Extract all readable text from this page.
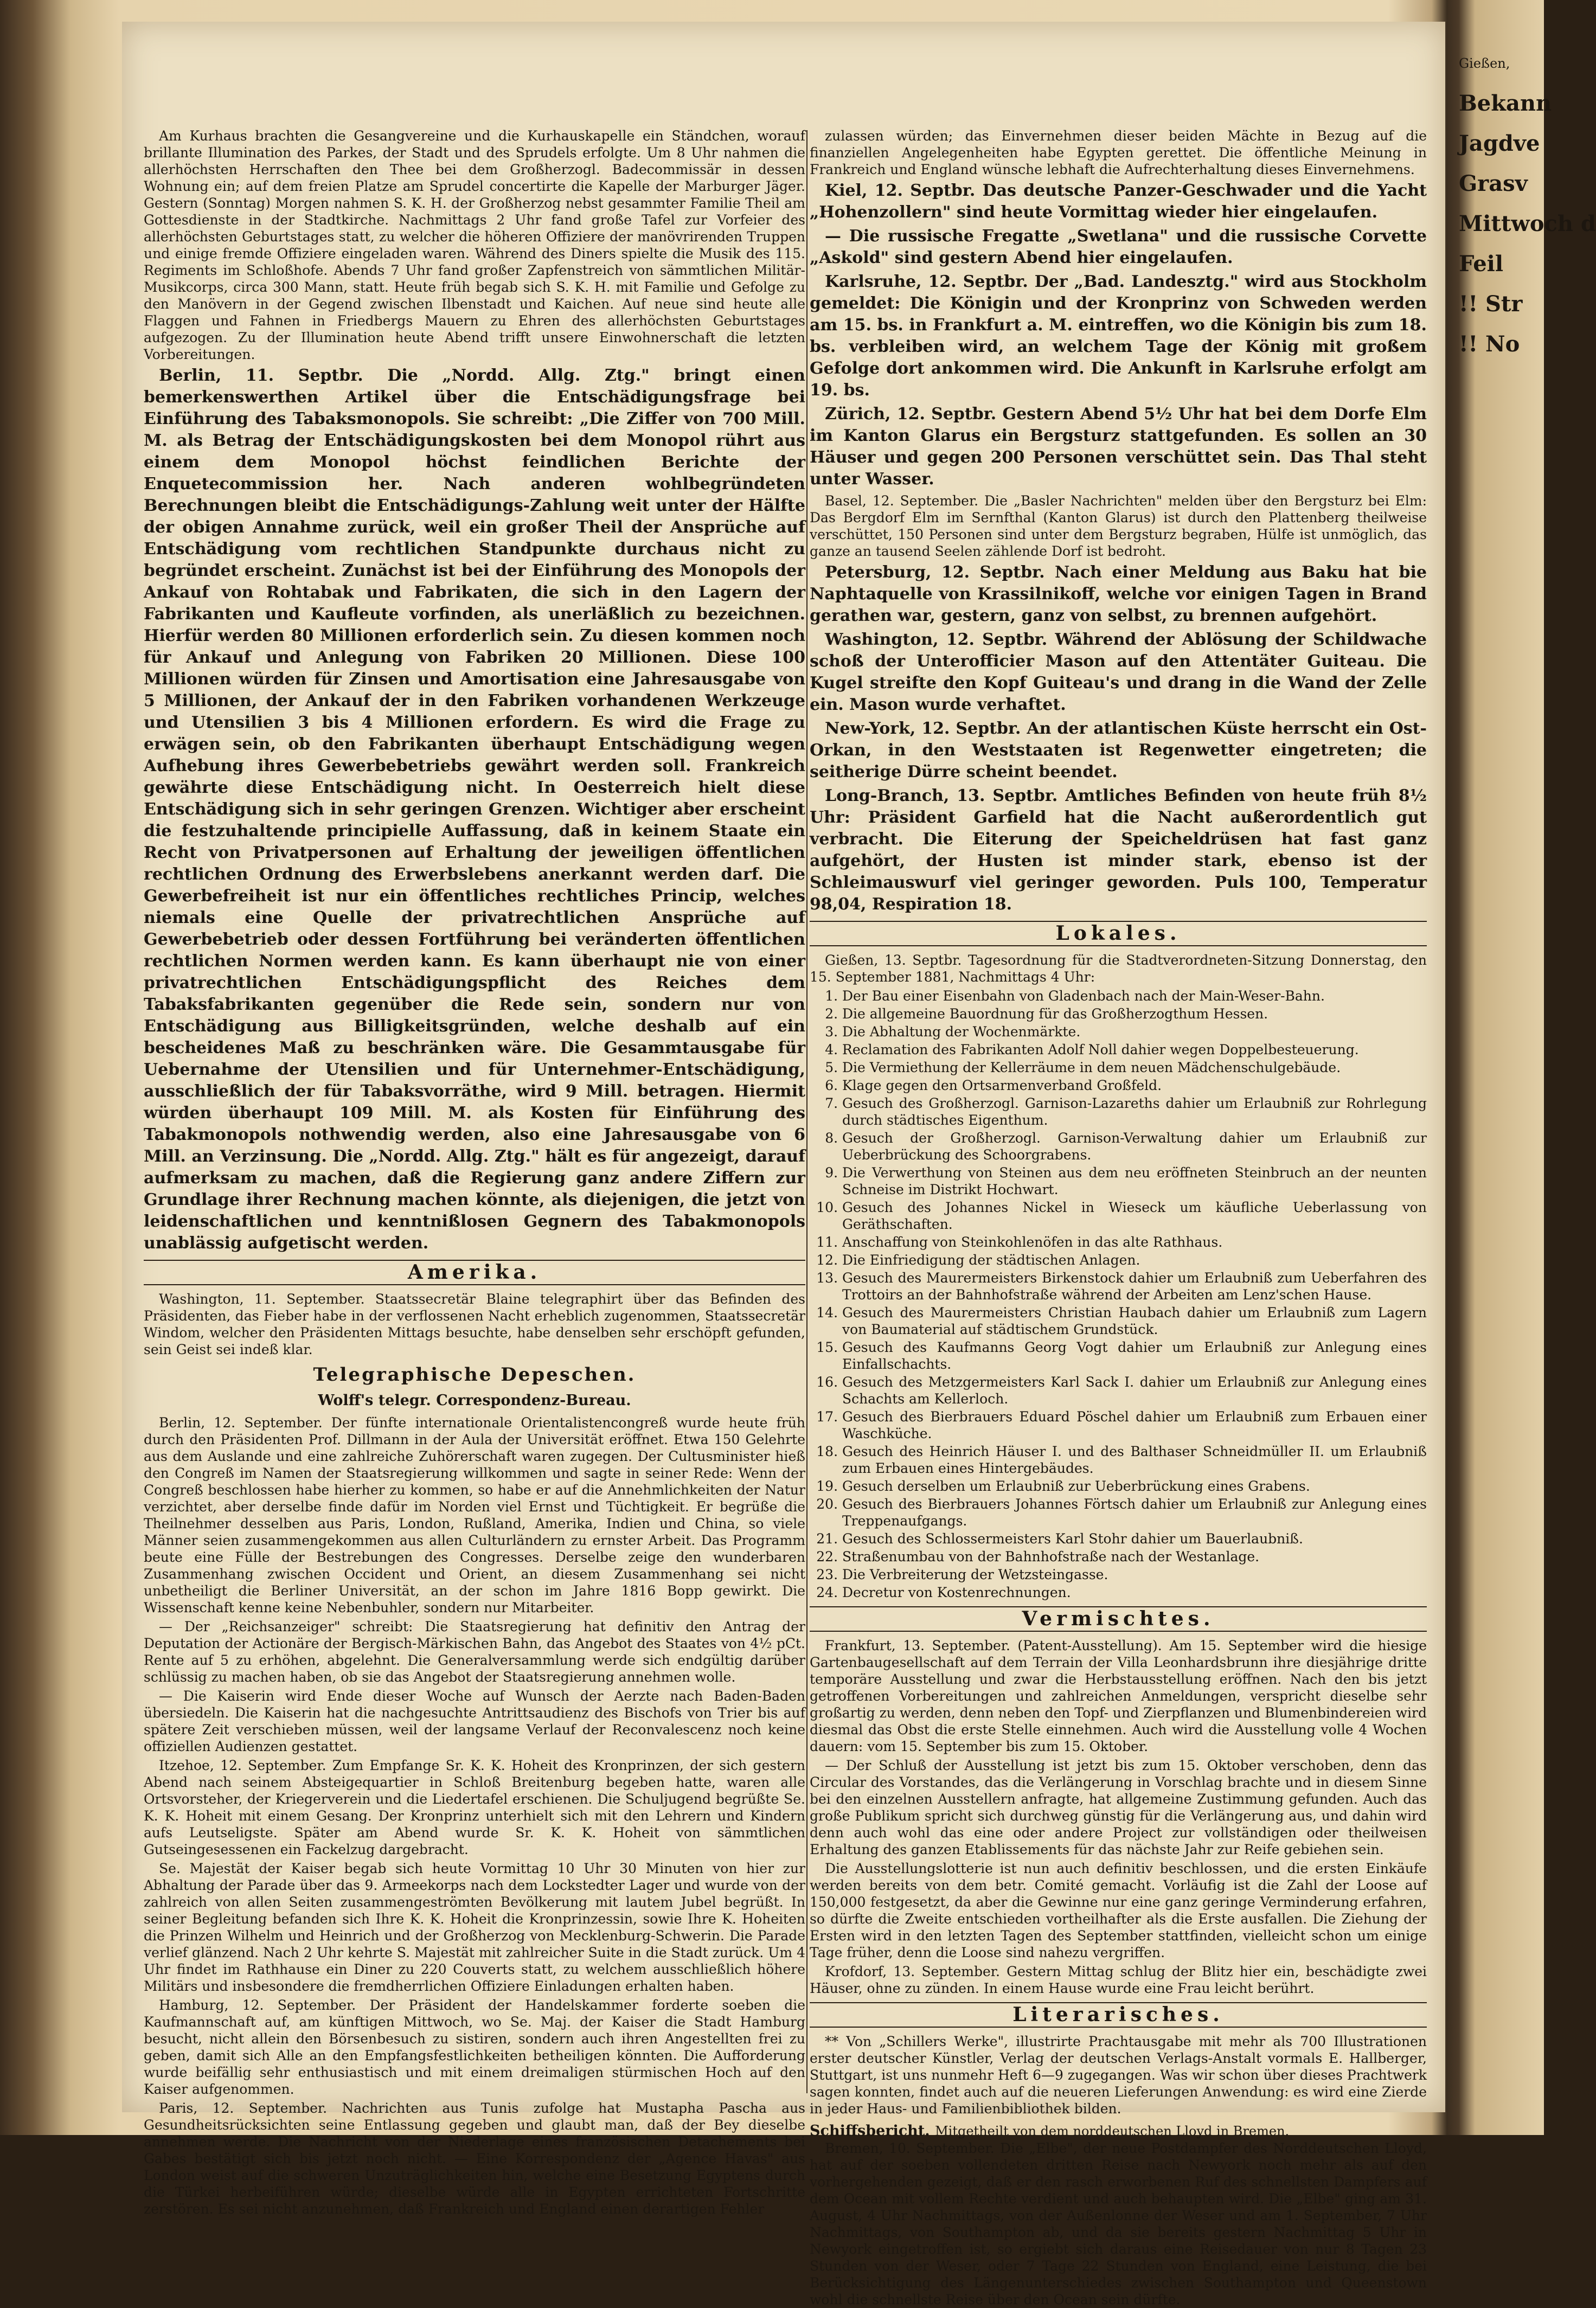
Am Kurhaus brachten die Gesangvereine und die Kurhauskapelle ein Ständchen, worauf brillante Illumination des Parkes, der Stadt und des Sprudels erfolgte. Um 8 Uhr nahmen die allerhöchsten Herrschaften den Thee bei dem Großherzogl. Badecommissär in dessen Wohnung ein; auf dem freien Platze am Sprudel concertirte die Kapelle der Marburger Jäger. Gestern (Sonntag) Morgen nahmen S. K. H. der Großherzog nebst gesammter Familie Theil am Gottesdienste in der Stadtkirche. Nachmittags 2 Uhr fand große Tafel zur Vorfeier des allerhöchsten Geburtstages statt, zu welcher die höheren Offiziere der manövrirenden Truppen und einige fremde Offiziere eingeladen waren. Während des Diners spielte die Musik des 115. Regiments im Schloßhofe. Abends 7 Uhr fand großer Zapfenstreich von sämmtlichen Militär-Musikcorps, circa 300 Mann, statt. Heute früh begab sich S. K. H. mit Familie und Gefolge zu den Manövern in der Gegend zwischen Ilbenstadt und Kaichen. Auf neue sind heute alle Flaggen und Fahnen in Friedbergs Mauern zu Ehren des allerhöchsten Geburtstages aufgezogen. Zu der Illumination heute Abend trifft unsere Einwohnerschaft die letzten Vorbereitungen.

Berlin, 11. Septbr. Die „Nordd. Allg. Ztg." bringt einen bemerkenswerthen Artikel über die Entschädigungsfrage bei Einführung des Tabaksmonopols. Sie schreibt: „Die Ziffer von 700 Mill. M. als Betrag der Entschädigungskosten bei dem Monopol rührt aus einem dem Monopol höchst feindlichen Berichte der Enquetecommission her. Nach anderen wohlbegründeten Berechnungen bleibt die Entschädigungs-Zahlung weit unter der Hälfte der obigen Annahme zurück, weil ein großer Theil der Ansprüche auf Entschädigung vom rechtlichen Standpunkte durchaus nicht zu begründet erscheint. Zunächst ist bei der Einführung des Monopols der Ankauf von Rohtabak und Fabrikaten, die sich in den Lagern der Fabrikanten und Kaufleute vorfinden, als unerläßlich zu bezeichnen. Hierfür werden 80 Millionen erforderlich sein. Zu diesen kommen noch für Ankauf und Anlegung von Fabriken 20 Millionen. Diese 100 Millionen würden für Zinsen und Amortisation eine Jahresausgabe von 5 Millionen, der Ankauf der in den Fabriken vorhandenen Werkzeuge und Utensilien 3 bis 4 Millionen erfordern. Es wird die Frage zu erwägen sein, ob den Fabrikanten überhaupt Entschädigung wegen Aufhebung ihres Gewerbebetriebs gewährt werden soll. Frankreich gewährte diese Entschädigung nicht. In Oesterreich hielt diese Entschädigung sich in sehr geringen Grenzen. Wichtiger aber erscheint die festzuhaltende principielle Auffassung, daß in keinem Staate ein Recht von Privatpersonen auf Erhaltung der jeweiligen öffentlichen rechtlichen Ordnung des Erwerbslebens anerkannt werden darf. Die Gewerbefreiheit ist nur ein öffentliches rechtliches Princip, welches niemals eine Quelle der privatrechtlichen Ansprüche auf Gewerbebetrieb oder dessen Fortführung bei veränderten öffentlichen rechtlichen Normen werden kann. Es kann überhaupt nie von einer privatrechtlichen Entschädigungspflicht des Reiches dem Tabaksfabrikanten gegenüber die Rede sein, sondern nur von Entschädigung aus Billigkeitsgründen, welche deshalb auf ein bescheidenes Maß zu beschränken wäre. Die Gesammtausgabe für Uebernahme der Utensilien und für Unternehmer-Entschädigung, ausschließlich der für Tabaksvorräthe, wird 9 Mill. betragen. Hiermit würden überhaupt 109 Mill. M. als Kosten für Einführung des Tabakmonopols nothwendig werden, also eine Jahresausgabe von 6 Mill. an Verzinsung. Die „Nordd. Allg. Ztg." hält es für angezeigt, darauf aufmerksam zu machen, daß die Regierung ganz andere Ziffern zur Grundlage ihrer Rechnung machen könnte, als diejenigen, die jetzt von leidenschaftlichen und kenntnißlosen Gegnern des Tabakmonopols unablässig aufgetischt werden.

Amerika.

Washington, 11. September. Staatssecretär Blaine telegraphirt über das Befinden des Präsidenten, das Fieber habe in der verflossenen Nacht erheblich zugenommen, Staatssecretär Windom, welcher den Präsidenten Mittags besuchte, habe denselben sehr erschöpft gefunden, sein Geist sei indeß klar.

Telegraphische Depeschen.
Wolff's telegr. Correspondenz-Bureau.

Berlin, 12. September. Der fünfte internationale Orientalistencongreß wurde heute früh durch den Präsidenten Prof. Dillmann in der Aula der Universität eröffnet. Etwa 150 Gelehrte aus dem Auslande und eine zahlreiche Zuhörerschaft waren zugegen. Der Cultusminister hieß den Congreß im Namen der Staatsregierung willkommen und sagte in seiner Rede: Wenn der Congreß beschlossen habe hierher zu kommen, so habe er auf die Annehmlichkeiten der Natur verzichtet, aber derselbe finde dafür im Norden viel Ernst und Tüchtigkeit. Er begrüße die Theilnehmer desselben aus Paris, London, Rußland, Amerika, Indien und China, so viele Männer seien zusammengekommen aus allen Culturländern zu ernster Arbeit. Das Programm beute eine Fülle der Bestrebungen des Congresses. Derselbe zeige den wunderbaren Zusammenhang zwischen Occident und Orient, an diesem Zusammenhang sei nicht unbetheiligt die Berliner Universität, an der schon im Jahre 1816 Bopp gewirkt. Die Wissenschaft kenne keine Nebenbuhler, sondern nur Mitarbeiter.

— Der „Reichsanzeiger" schreibt: Die Staatsregierung hat definitiv den Antrag der Deputation der Actionäre der Bergisch-Märkischen Bahn, das Angebot des Staates von 4½ pCt. Rente auf 5 zu erhöhen, abgelehnt. Die Generalversammlung werde sich endgültig darüber schlüssig zu machen haben, ob sie das Angebot der Staatsregierung annehmen wolle.

— Die Kaiserin wird Ende dieser Woche auf Wunsch der Aerzte nach Baden-Baden übersiedeln. Die Kaiserin hat die nachgesuchte Antrittsaudienz des Bischofs von Trier bis auf spätere Zeit verschieben müssen, weil der langsame Verlauf der Reconvalescenz noch keine offiziellen Audienzen gestattet.

Itzehoe, 12. September. Zum Empfange Sr. K. K. Hoheit des Kronprinzen, der sich gestern Abend nach seinem Absteigequartier in Schloß Breitenburg begeben hatte, waren alle Ortsvorsteher, der Kriegerverein und die Liedertafel erschienen. Die Schuljugend begrüßte Se. K. K. Hoheit mit einem Gesang. Der Kronprinz unterhielt sich mit den Lehrern und Kindern aufs Leutseligste. Später am Abend wurde Sr. K. K. Hoheit von sämmtlichen Gutseingesessenen ein Fackelzug dargebracht.

Se. Majestät der Kaiser begab sich heute Vormittag 10 Uhr 30 Minuten von hier zur Abhaltung der Parade über das 9. Armeekorps nach dem Lockstedter Lager und wurde von der zahlreich von allen Seiten zusammengeströmten Bevölkerung mit lautem Jubel begrüßt. In seiner Begleitung befanden sich Ihre K. K. Hoheit die Kronprinzessin, sowie Ihre K. Hoheiten die Prinzen Wilhelm und Heinrich und der Großherzog von Mecklenburg-Schwerin. Die Parade verlief glänzend. Nach 2 Uhr kehrte S. Majestät mit zahlreicher Suite in die Stadt zurück. Um 4 Uhr findet im Rathhause ein Diner zu 220 Couverts statt, zu welchem ausschließlich höhere Militärs und insbesondere die fremdherrlichen Offiziere Einladungen erhalten haben.

Hamburg, 12. September. Der Präsident der Handelskammer forderte soeben die Kaufmannschaft auf, am künftigen Mittwoch, wo Se. Maj. der Kaiser die Stadt Hamburg besucht, nicht allein den Börsenbesuch zu sistiren, sondern auch ihren Angestellten frei zu geben, damit sich Alle an den Empfangsfestlichkeiten betheiligen könnten. Die Aufforderung wurde beifällig sehr enthusiastisch und mit einem dreimaligen stürmischen Hoch auf den Kaiser aufgenommen.

Paris, 12. September. Nachrichten aus Tunis zufolge hat Mustapha Pascha aus Gesundheitsrücksichten seine Entlassung gegeben und glaubt man, daß der Bey dieselbe annehmen werde. Die Nachricht von der Niederlage eines französischen Detachements bei Gabes bestätigt sich bis jetzt noch nicht. — Eine Korrespondenz der „Agence Havas" aus London weist auf die schweren Unzuträglichkeiten hin, welche eine Besetzung Egyptens durch die Türkei herbeiführen würde; dieselbe würde alle in Egypten errichteten Fortschritte zerstören. Es sei nicht anzunehmen, daß Frankreich und England einen derartigen Fehler

zulassen würden; das Einvernehmen dieser beiden Mächte in Bezug auf die finanziellen Angelegenheiten habe Egypten gerettet. Die öffentliche Meinung in Frankreich und England wünsche lebhaft die Aufrechterhaltung dieses Einvernehmens.

Kiel, 12. Septbr. Das deutsche Panzer-Geschwader und die Yacht „Hohenzollern" sind heute Vormittag wieder hier eingelaufen.

— Die russische Fregatte „Swetlana" und die russische Corvette „Askold" sind gestern Abend hier eingelaufen.

Karlsruhe, 12. Septbr. Der „Bad. Landesztg." wird aus Stockholm gemeldet: Die Königin und der Kronprinz von Schweden werden am 15. bs. in Frankfurt a. M. eintreffen, wo die Königin bis zum 18. bs. verbleiben wird, an welchem Tage der König mit großem Gefolge dort ankommen wird. Die Ankunft in Karlsruhe erfolgt am 19. bs.

Zürich, 12. Septbr. Gestern Abend 5½ Uhr hat bei dem Dorfe Elm im Kanton Glarus ein Bergsturz stattgefunden. Es sollen an 30 Häuser und gegen 200 Personen verschüttet sein. Das Thal steht unter Wasser.

Basel, 12. September. Die „Basler Nachrichten" melden über den Bergsturz bei Elm: Das Bergdorf Elm im Sernfthal (Kanton Glarus) ist durch den Plattenberg theilweise verschüttet, 150 Personen sind unter dem Bergsturz begraben, Hülfe ist unmöglich, das ganze an tausend Seelen zählende Dorf ist bedroht.

Petersburg, 12. Septbr. Nach einer Meldung aus Baku hat bie Naphtaquelle von Krassilnikoff, welche vor einigen Tagen in Brand gerathen war, gestern, ganz von selbst, zu brennen aufgehört.

Washington, 12. Septbr. Während der Ablösung der Schildwache schoß der Unterofficier Mason auf den Attentäter Guiteau. Die Kugel streifte den Kopf Guiteau's und drang in die Wand der Zelle ein. Mason wurde verhaftet.

New-York, 12. Septbr. An der atlantischen Küste herrscht ein Ost-Orkan, in den Weststaaten ist Regenwetter eingetreten; die seitherige Dürre scheint beendet.

Long-Branch, 13. Septbr. Amtliches Befinden von heute früh 8½ Uhr: Präsident Garfield hat die Nacht außerordentlich gut verbracht. Die Eiterung der Speicheldrüsen hat fast ganz aufgehört, der Husten ist minder stark, ebenso ist der Schleimauswurf viel geringer geworden. Puls 100, Temperatur 98,04, Respiration 18.

Lokales.

Gießen, 13. Septbr. Tagesordnung für die Stadtverordneten-Sitzung Donnerstag, den 15. September 1881, Nachmittags 4 Uhr:

1. Der Bau einer Eisenbahn von Gladenbach nach der Main-Weser-Bahn.
2. Die allgemeine Bauordnung für das Großherzogthum Hessen.
3. Die Abhaltung der Wochenmärkte.
4. Reclamation des Fabrikanten Adolf Noll dahier wegen Doppelbesteuerung.
5. Die Vermiethung der Kellerräume in dem neuen Mädchenschulgebäude.
6. Klage gegen den Ortsarmenverband Großfeld.
7. Gesuch des Großherzogl. Garnison-Lazareths dahier um Erlaubniß zur Rohrlegung durch städtisches Eigenthum.
8. Gesuch der Großherzogl. Garnison-Verwaltung dahier um Erlaubniß zur Ueberbrückung des Schoorgrabens.
9. Die Verwerthung von Steinen aus dem neu eröffneten Steinbruch an der neunten Schneise im Distrikt Hochwart.
10. Gesuch des Johannes Nickel in Wieseck um käufliche Ueberlassung von Geräthschaften.
11. Anschaffung von Steinkohlenöfen in das alte Rathhaus.
12. Die Einfriedigung der städtischen Anlagen.
13. Gesuch des Maurermeisters Birkenstock dahier um Erlaubniß zum Ueberfahren des Trottoirs an der Bahnhofstraße während der Arbeiten am Lenz'schen Hause.
14. Gesuch des Maurermeisters Christian Haubach dahier um Erlaubniß zum Lagern von Baumaterial auf städtischem Grundstück.
15. Gesuch des Kaufmanns Georg Vogt dahier um Erlaubniß zur Anlegung eines Einfallschachts.
16. Gesuch des Metzgermeisters Karl Sack I. dahier um Erlaubniß zur Anlegung eines Schachts am Kellerloch.
17. Gesuch des Bierbrauers Eduard Pöschel dahier um Erlaubniß zum Erbauen einer Waschküche.
18. Gesuch des Heinrich Häuser I. und des Balthaser Schneidmüller II. um Erlaubniß zum Erbauen eines Hintergebäudes.
19. Gesuch derselben um Erlaubniß zur Ueberbrückung eines Grabens.
20. Gesuch des Bierbrauers Johannes Förtsch dahier um Erlaubniß zur Anlegung eines Treppenaufgangs.
21. Gesuch des Schlossermeisters Karl Stohr dahier um Bauerlaubniß.
22. Straßenumbau von der Bahnhofstraße nach der Westanlage.
23. Die Verbreiterung der Wetzsteingasse.
24. Decretur von Kostenrechnungen.
Vermischtes.

Frankfurt, 13. September. (Patent-Ausstellung). Am 15. September wird die hiesige Gartenbaugesellschaft auf dem Terrain der Villa Leonhardsbrunn ihre diesjährige dritte temporäre Ausstellung und zwar die Herbstausstellung eröffnen. Nach den bis jetzt getroffenen Vorbereitungen und zahlreichen Anmeldungen, verspricht dieselbe sehr großartig zu werden, denn neben den Topf- und Zierpflanzen und Blumenbindereien wird diesmal das Obst die erste Stelle einnehmen. Auch wird die Ausstellung volle 4 Wochen dauern: vom 15. September bis zum 15. Oktober.

— Der Schluß der Ausstellung ist jetzt bis zum 15. Oktober verschoben, denn das Circular des Vorstandes, das die Verlängerung in Vorschlag brachte und in diesem Sinne bei den einzelnen Ausstellern anfragte, hat allgemeine Zustimmung gefunden. Auch das große Publikum spricht sich durchweg günstig für die Verlängerung aus, und dahin wird denn auch wohl das eine oder andere Project zur vollständigen oder theilweisen Erhaltung des ganzen Etablissements für das nächste Jahr zur Reife gebiehen sein.

Die Ausstellungslotterie ist nun auch definitiv beschlossen, und die ersten Einkäufe werden bereits von dem betr. Comité gemacht. Vorläufig ist die Zahl der Loose auf 150,000 festgesetzt, da aber die Gewinne nur eine ganz geringe Verminderung erfahren, so dürfte die Zweite entschieden vortheilhafter als die Erste ausfallen. Die Ziehung der Ersten wird in den letzten Tagen des September stattfinden, vielleicht schon um einige Tage früher, denn die Loose sind nahezu vergriffen.

Krofdorf, 13. September. Gestern Mittag schlug der Blitz hier ein, beschädigte zwei Häuser, ohne zu zünden. In einem Hause wurde eine Frau leicht berührt.

Literarisches.

** Von „Schillers Werke", illustrirte Prachtausgabe mit mehr als 700 Illustrationen erster deutscher Künstler, Verlag der deutschen Verlags-Anstalt vormals E. Hallberger, Stuttgart, ist uns nunmehr Heft 6—9 zugegangen. Was wir schon über dieses Prachtwerk sagen konnten, findet auch auf die neueren Lieferungen Anwendung: es wird eine Zierde in jeder Haus- und Familienbibliothek bilden.

Schiffsbericht. Mitgetheilt von dem norddeutschen Lloyd in Bremen.

Bremen, 10. September. Die „Elbe", der neue Postdampfer des Norddeutschen Lloyd, hat auf der soeben vollendeten dritten Reise nach Newyork noch mehr als auf den vorhergehenden gezeigt, daß er den rasch erworbenen Ruf des schnellsten Dampfers auf dem Ocean mit vollem Rechte verdient und auch behaupten wird. Die „Elbe" ging am 31. August, 4 Uhr Nachmittags, von der Außenlonne der Weser und am 1. September, 7 Uhr Nachmittags, von Southampton ab, und da sie bereits gestern Nachmittag 5 Uhr in Newyork eingetroffen ist, so ergiebt sich daraus eine Reisedauer von nur 8 Tagen 23 Stunden von der Weser, oder 7 Tage 22 Stunden von England, eine Leistung, die bei Berücksichtigung des Längenunterschiedes zwischen Southampton und Queenstown wohl die schnellste Reise über den Ocean sein dürfte.

Gießen,
Bekann
Jagdve
Grasv
Mittwoch d
Feil
!! Str
!! No
